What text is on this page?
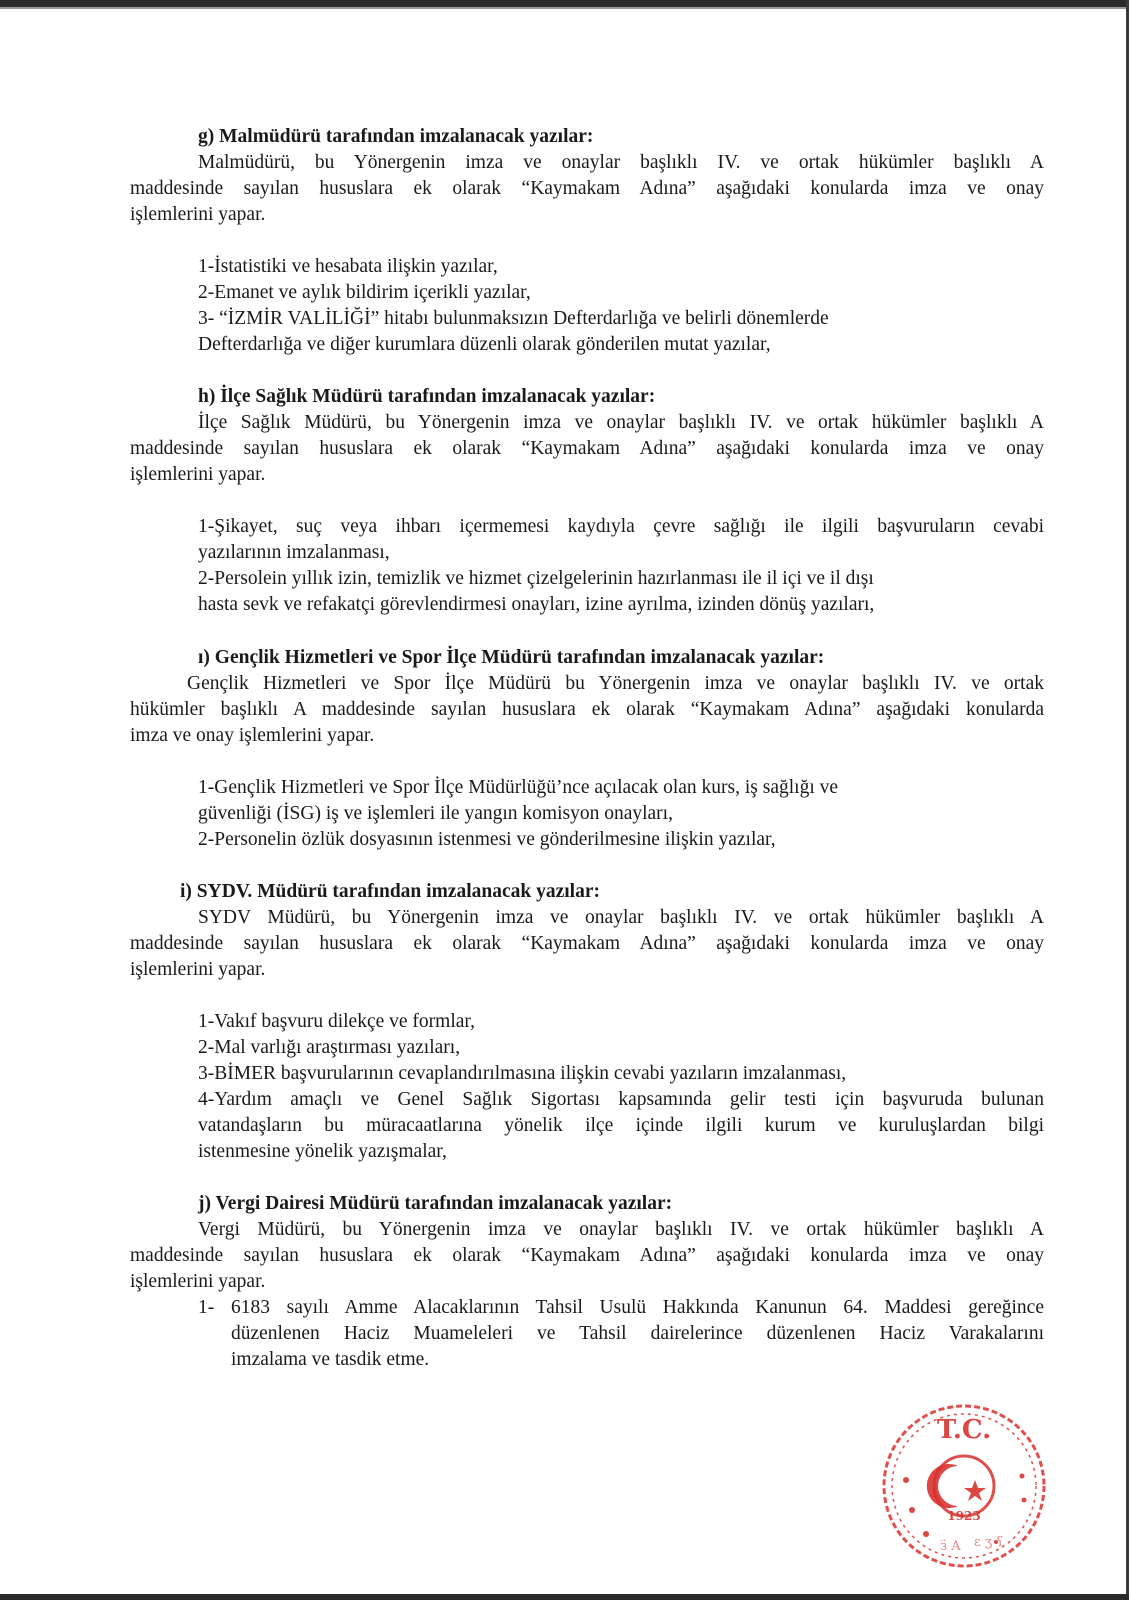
g) Malmüdürü tarafından imzalanacak yazılar:
Malmüdürü, bu Yönergenin imza ve onaylar başlıklı IV. ve ortak hükümler başlıklı A
maddesinde sayılan hususlara ek olarak “Kaymakam Adına” aşağıdaki konularda imza ve onay
işlemlerini yapar.
1-İstatistiki ve hesabata ilişkin yazılar,
2-Emanet ve aylık bildirim içerikli yazılar,
3- “İZMİR VALİLİĞİ” hitabı bulunmaksızın Defterdarlığa ve belirli dönemlerde
Defterdarlığa ve diğer kurumlara düzenli olarak gönderilen mutat yazılar,
h) İlçe Sağlık Müdürü tarafından imzalanacak yazılar:
İlçe Sağlık Müdürü, bu Yönergenin imza ve onaylar başlıklı IV. ve ortak hükümler başlıklı A
maddesinde sayılan hususlara ek olarak “Kaymakam Adına” aşağıdaki konularda imza ve onay
işlemlerini yapar.
1-Şikayet, suç veya ihbarı içermemesi kaydıyla çevre sağlığı ile ilgili başvuruların cevabi
yazılarının imzalanması,
2-Persolein yıllık izin, temizlik ve hizmet çizelgelerinin hazırlanması ile il içi ve il dışı
hasta sevk ve refakatçi görevlendirmesi onayları, izine ayrılma, izinden dönüş yazıları,
ı) Gençlik Hizmetleri ve Spor İlçe Müdürü tarafından imzalanacak yazılar:
Gençlik Hizmetleri ve Spor İlçe Müdürü bu Yönergenin imza ve onaylar başlıklı IV. ve ortak
hükümler başlıklı A maddesinde sayılan hususlara ek olarak “Kaymakam Adına” aşağıdaki konularda
imza ve onay işlemlerini yapar.
1-Gençlik Hizmetleri ve Spor İlçe Müdürlüğü’nce açılacak olan kurs, iş sağlığı ve
güvenliği (İSG) iş ve işlemleri ile yangın komisyon onayları,
2-Personelin özlük dosyasının istenmesi ve gönderilmesine ilişkin yazılar,
i) SYDV. Müdürü tarafından imzalanacak yazılar:
SYDV Müdürü, bu Yönergenin imza ve onaylar başlıklı IV. ve ortak hükümler başlıklı A
maddesinde sayılan hususlara ek olarak “Kaymakam Adına” aşağıdaki konularda imza ve onay
işlemlerini yapar.
1-Vakıf başvuru dilekçe ve formlar,
2-Mal varlığı araştırması yazıları,
3-BİMER başvurularının cevaplandırılmasına ilişkin cevabi yazıların imzalanması,
4-Yardım amaçlı ve Genel Sağlık Sigortası kapsamında gelir testi için başvuruda bulunan
vatandaşların bu müracaatlarına yönelik ilçe içinde ilgili kurum ve kuruluşlardan bilgi
istenmesine yönelik yazışmalar,
j) Vergi Dairesi Müdürü tarafından imzalanacak yazılar:
Vergi Müdürü, bu Yönergenin imza ve onaylar başlıklı IV. ve ortak hükümler başlıklı A
maddesinde sayılan hususlara ek olarak “Kaymakam Adına” aşağıdaki konularda imza ve onay
işlemlerini yapar.
1- 6183 sayılı Amme Alacaklarının Tahsil Usulü Hakkında Kanunun 64. Maddesi gereğince
düzenlenen Haciz Muameleleri ve Tahsil dairelerince düzenlenen Haciz Varakalarını
imzalama ve tasdik etme.
T.C.
1923
ӟ A ɛ ʒ ʕ
